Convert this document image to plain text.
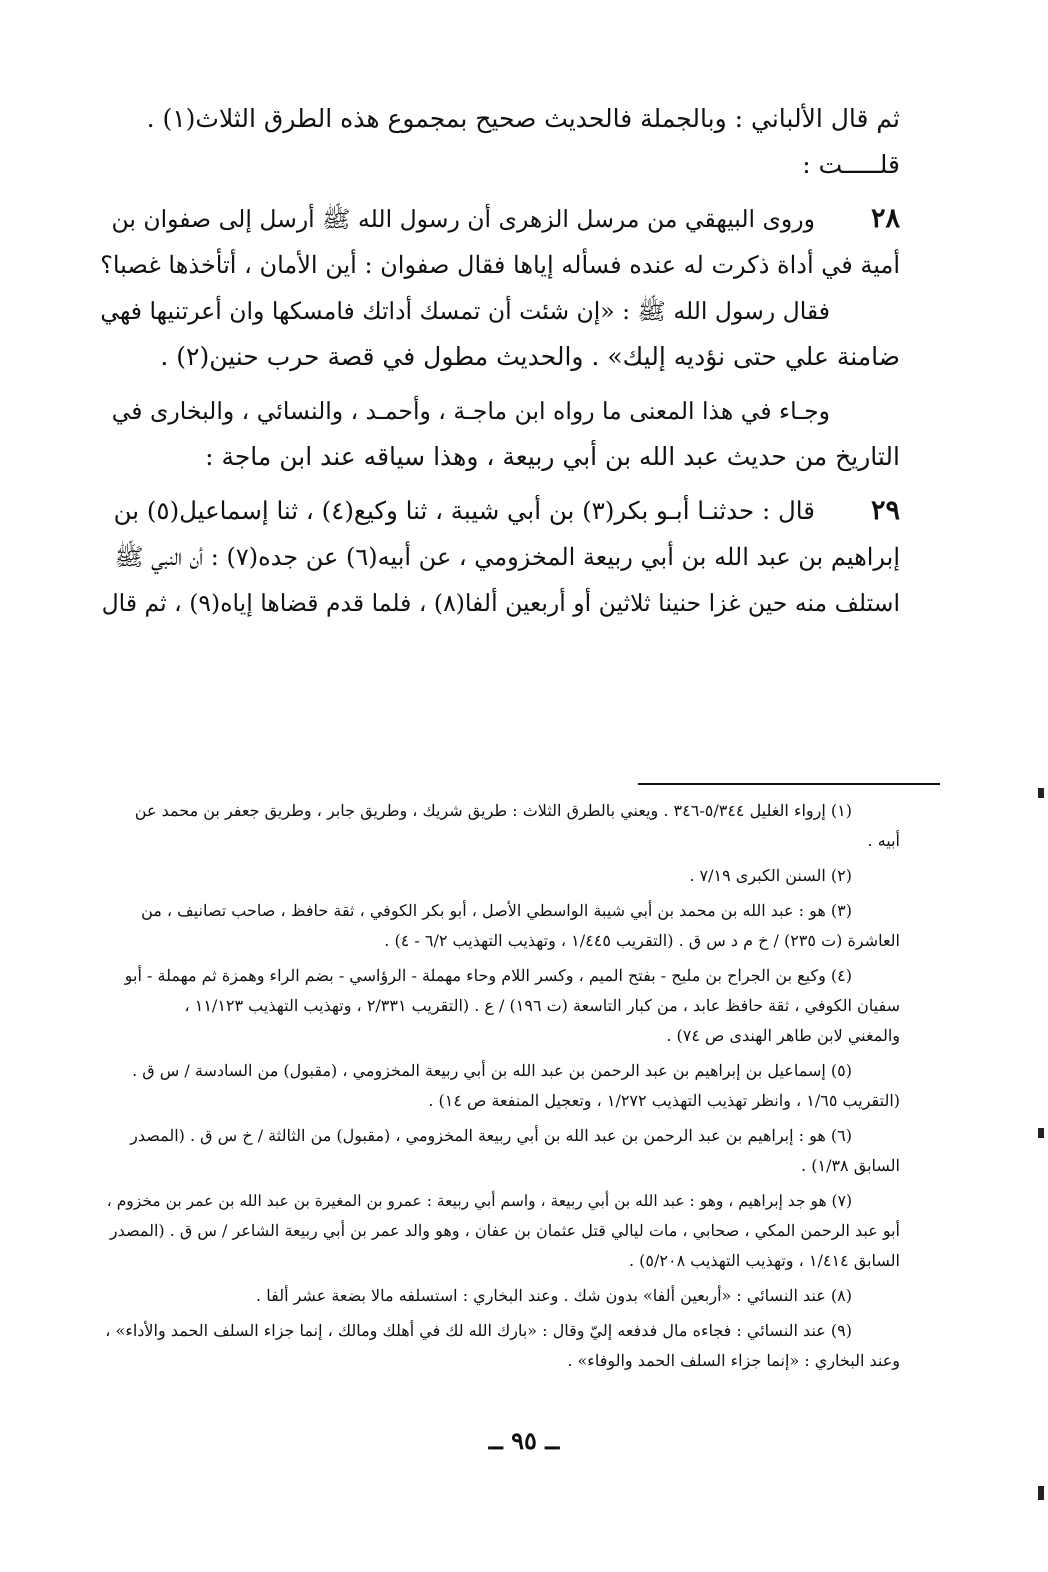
ثم قال الألباني : وبالجملة فالحديث صحيح بمجموع هذه الطرق الثلاث(١) .
قلـــــت :
٢٨وروى البيهقي من مرسل الزهرى أن رسول الله ﷺ أرسل إلى صفوان بن
أمية في أداة ذكرت له عنده فسأله إياها فقال صفوان : أين الأمان ، أتأخذها غصبا؟
فقال رسول الله ﷺ : «إن شئت أن تمسك أداتك فامسكها وان أعرتنيها فهي
ضامنة علي حتى نؤديه إليك» . والحديث مطول في قصة حرب حنين(٢) .
وجـاء في هذا المعنى ما رواه ابن ماجـة ، وأحمـد ، والنسائي ، والبخارى في
التاريخ من حديث عبد الله بن أبي ربيعة ، وهذا سياقه عند ابن ماجة :
٢٩قال : حدثنـا أبـو بكر(٣) بن أبي شيبة ، ثنا وكيع(٤) ، ثنا إسماعيل(٥) بن
إبراهيم بن عبد الله بن أبي ربيعة المخزومي ، عن أبيه(٦) عن جده(٧) : أن النبي ﷺ
استلف منه حين غزا حنينا ثلاثين أو أربعين ألفا(٨) ، فلما قدم قضاها إياه(٩) ، ثم قال
(١) إرواء الغليل ٥/٣٤٤-٣٤٦ . ويعني بالطرق الثلاث : طريق شريك ، وطريق جابر ، وطريق جعفر بن محمد عن
أبيه .
(٢) السنن الكبرى ٧/١٩ .
(٣) هو : عبد الله بن محمد بن أبي شيبة الواسطي الأصل ، أبو بكر الكوفي ، ثقة حافظ ، صاحب تصانيف ، من
العاشرة (ت ٢٣٥) / خ م د س ق . (التقريب ١/٤٤٥ ، وتهذيب التهذيب ٦/٢ - ٤) .
(٤) وكيع بن الجراح بن مليح - بفتح الميم ، وكسر اللام وحاء مهملة - الرؤاسي - بضم الراء وهمزة ثم مهملة - أبو
سفيان الكوفي ، ثقة حافظ عابد ، من كبار التاسعة (ت ١٩٦) / ع . (التقريب ٢/٣٣١ ، وتهذيب التهذيب ١١/١٢٣ ،
والمغني لابن طاهر الهندى ص ٧٤) .
(٥) إسماعيل بن إبراهيم بن عبد الرحمن بن عبد الله بن أبي ربيعة المخزومي ، (مقبول) من السادسة / س ق .
(التقريب ١/٦٥ ، وانظر تهذيب التهذيب ١/٢٧٢ ، وتعجيل المنفعة ص ١٤) .
(٦) هو : إبراهيم بن عبد الرحمن بن عبد الله بن أبي ربيعة المخزومي ، (مقبول) من الثالثة / خ س ق . (المصدر
السابق ١/٣٨) .
(٧) هو جد إبراهيم ، وهو : عبد الله بن أبي ربيعة ، واسم أبي ربيعة : عمرو بن المغيرة بن عبد الله بن عمر بن مخزوم ،
أبو عبد الرحمن المكي ، صحابي ، مات ليالي قتل عثمان بن عفان ، وهو والد عمر بن أبي ربيعة الشاعر / س ق . (المصدر
السابق ١/٤١٤ ، وتهذيب التهذيب ٥/٢٠٨) .
(٨) عند النسائي : «أربعين ألفا» بدون شك . وعند البخاري : استسلفه مالا بضعة عشر ألفا .
(٩) عند النسائي : فجاءه مال فدفعه إليّ وقال : «بارك الله لك في أهلك ومالك ، إنما جزاء السلف الحمد والأداء» ،
وعند البخاري : «إنما جزاء السلف الحمد والوفاء» .
ــ ٩٥ ــ
